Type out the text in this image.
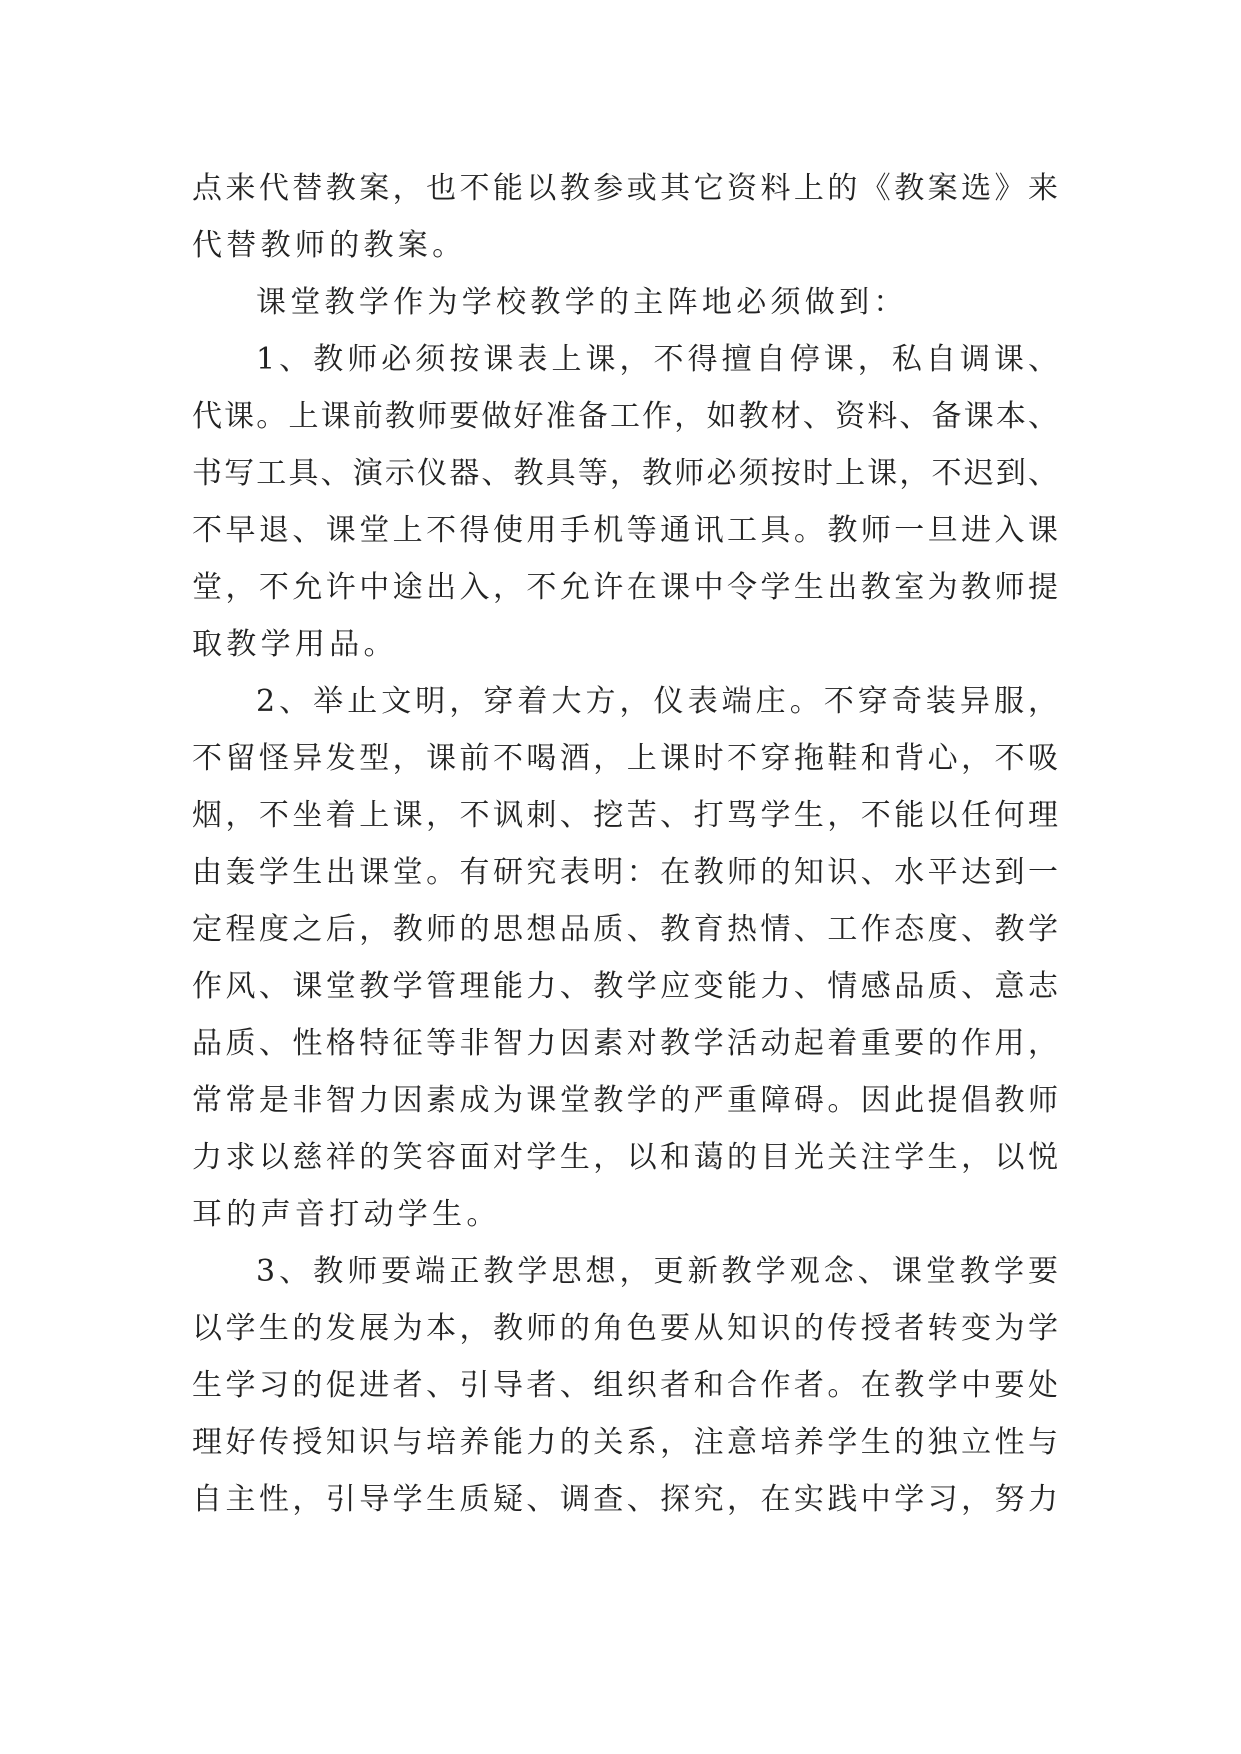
点来代替教案，也不能以教参或其它资料上的《教案选》来
代替教师的教案。
课堂教学作为学校教学的主阵地必须做到：
1、教师必须按课表上课，不得擅自停课，私自调课、
代课。上课前教师要做好准备工作，如教材、资料、备课本、
书写工具、演示仪器、教具等，教师必须按时上课，不迟到、
不早退、课堂上不得使用手机等通讯工具。教师一旦进入课
堂，不允许中途出入，不允许在课中令学生出教室为教师提
取教学用品。
2、举止文明，穿着大方，仪表端庄。不穿奇装异服，
不留怪异发型，课前不喝酒，上课时不穿拖鞋和背心，不吸
烟，不坐着上课，不讽刺、挖苦、打骂学生，不能以任何理
由轰学生出课堂。有研究表明：在教师的知识、水平达到一
定程度之后，教师的思想品质、教育热情、工作态度、教学
作风、课堂教学管理能力、教学应变能力、情感品质、意志
品质、性格特征等非智力因素对教学活动起着重要的作用，
常常是非智力因素成为课堂教学的严重障碍。因此提倡教师
力求以慈祥的笑容面对学生，以和蔼的目光关注学生，以悦
耳的声音打动学生。
3、教师要端正教学思想，更新教学观念、课堂教学要
以学生的发展为本，教师的角色要从知识的传授者转变为学
生学习的促进者、引导者、组织者和合作者。在教学中要处
理好传授知识与培养能力的关系，注意培养学生的独立性与
自主性，引导学生质疑、调查、探究，在实践中学习，努力
